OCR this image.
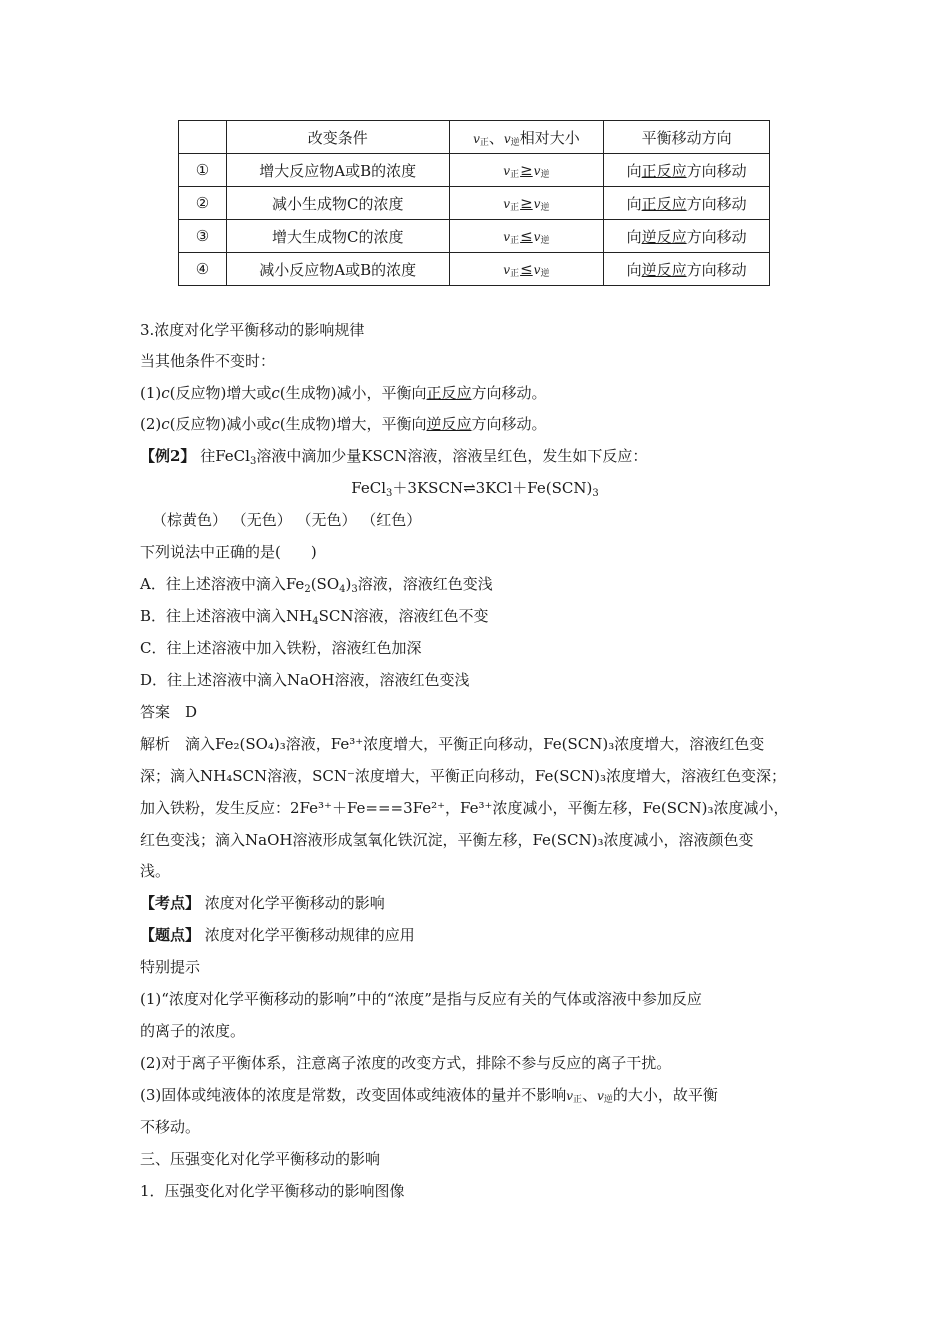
	改变条件	$v_正$、$v_逆$相对大小	平衡移动方向
①	增大反应物A或B的浓度	$v_正\ge v_逆$	向正反应方向移动
②	减小生成物C的浓度	$v_正\ge v_逆$	向正反应方向移动
③	增大生成物C的浓度	$v_正\le v_逆$	向逆反应方向移动
④	减小反应物A或B的浓度	$v_正\le v_逆$	向逆反应方向移动
3.浓度对化学平衡移动的影响规律
当其他条件不变时：
(1)c(反应物)增大或c(生成物)减小，平衡向正反应方向移动。
(2)c(反应物)减小或c(生成物)增大，平衡向逆反应方向移动。
【例2】 往FeCl$_3$溶液中滴加少量KSCN溶液，溶液呈红色，发生如下反应：
$FeCl_3+3KSCN\rightleftharpoons 3KCl+Fe(SCN)_3$
（棕黄色） （无色） （无色） （红色）
下列说法中正确的是(　　)
A．往上述溶液中滴入$Fe_2(SO_4)_3$溶液，溶液红色变浅
B．往上述溶液中滴入$NH_4SCN$溶液，溶液红色不变
C．往上述溶液中加入铁粉，溶液红色加深
D．往上述溶液中滴入NaOH溶液，溶液红色变浅
答案　D
解析　滴入Fe₂(SO₄)₃溶液，Fe³⁺浓度增大，平衡正向移动，Fe(SCN)₃浓度增大，溶液红色变
深；滴入NH₄SCN溶液，SCN⁻浓度增大，平衡正向移动，Fe(SCN)₃浓度增大，溶液红色变深；
加入铁粉，发生反应：2Fe³⁺＋Fe===3Fe²⁺，Fe³⁺浓度减小，平衡左移，Fe(SCN)₃浓度减小，
红色变浅；滴入NaOH溶液形成氢氧化铁沉淀，平衡左移，Fe(SCN)₃浓度减小，溶液颜色变
浅。
【考点】 浓度对化学平衡移动的影响
【题点】 浓度对化学平衡移动规律的应用
特别提示
(1)“浓度对化学平衡移动的影响”中的“浓度”是指与反应有关的气体或溶液中参加反应
的离子的浓度。
(2)对于离子平衡体系，注意离子浓度的改变方式，排除不参与反应的离子干扰。
(3)固体或纯液体的浓度是常数，改变固体或纯液体的量并不影响$v_正$、$v_逆$的大小，故平衡
不移动。
三、压强变化对化学平衡移动的影响
1．压强变化对化学平衡移动的影响图像
